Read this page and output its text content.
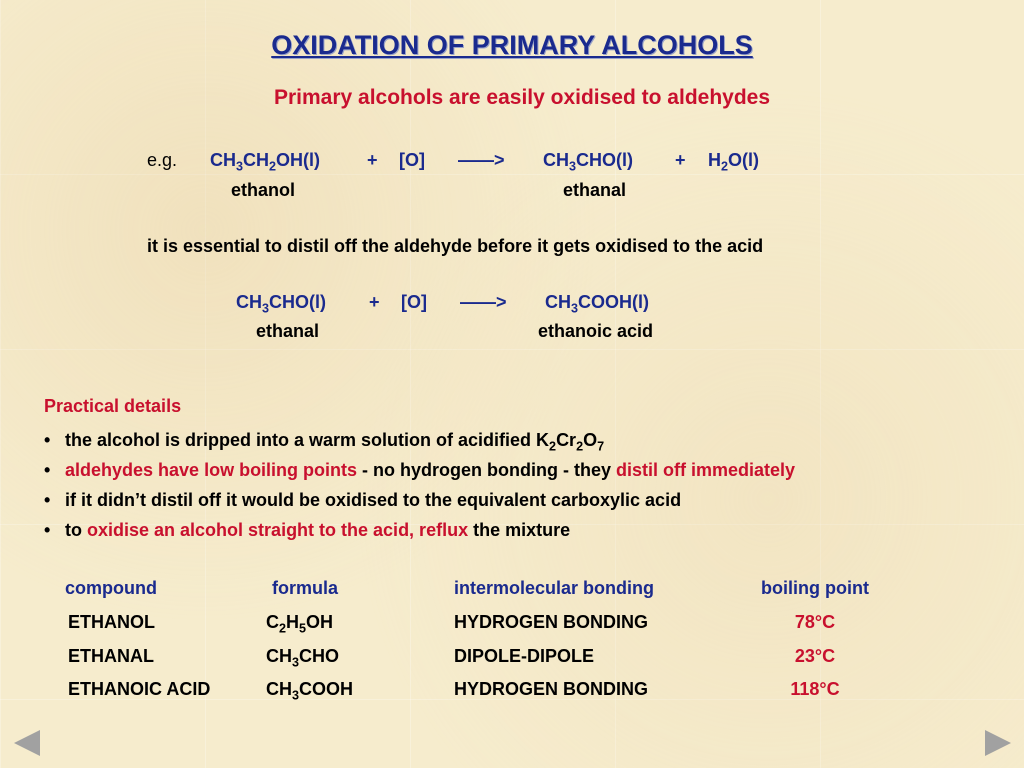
OXIDATION OF PRIMARY ALCOHOLS
Primary alcohols are easily oxidised to aldehydes
e.g. $CH_3CH_2OH(l)$	+ [O] ——> $CH_3CHO(l) + H_2O(l)$
ethanol	ethanal
it is essential to distil off the aldehyde before it gets oxidised to the acid
$CH_3CHO(l) + [O]$ ——> $CH_3COOH(l)$
ethanal	ethanoic acid
Practical details
• the alcohol is dripped into a warm solution of acidified $K_2Cr_2O_7$
• aldehydes have low boiling points - no hydrogen bonding - they distil off immediately
• if it didn’t distil off it would be oxidised to the equivalent carboxylic acid
• to oxidise an alcohol straight to the acid, reflux the mixture
compound	formula	intermolecular bonding	boiling point
ETHANOL	$C_2H_5OH$	HYDROGEN BONDING	78°C
ETHANAL	$CH_3CHO$	DIPOLE-DIPOLE	23°C
ETHANOIC ACID	$CH_3COOH$	HYDROGEN BONDING	118°C
